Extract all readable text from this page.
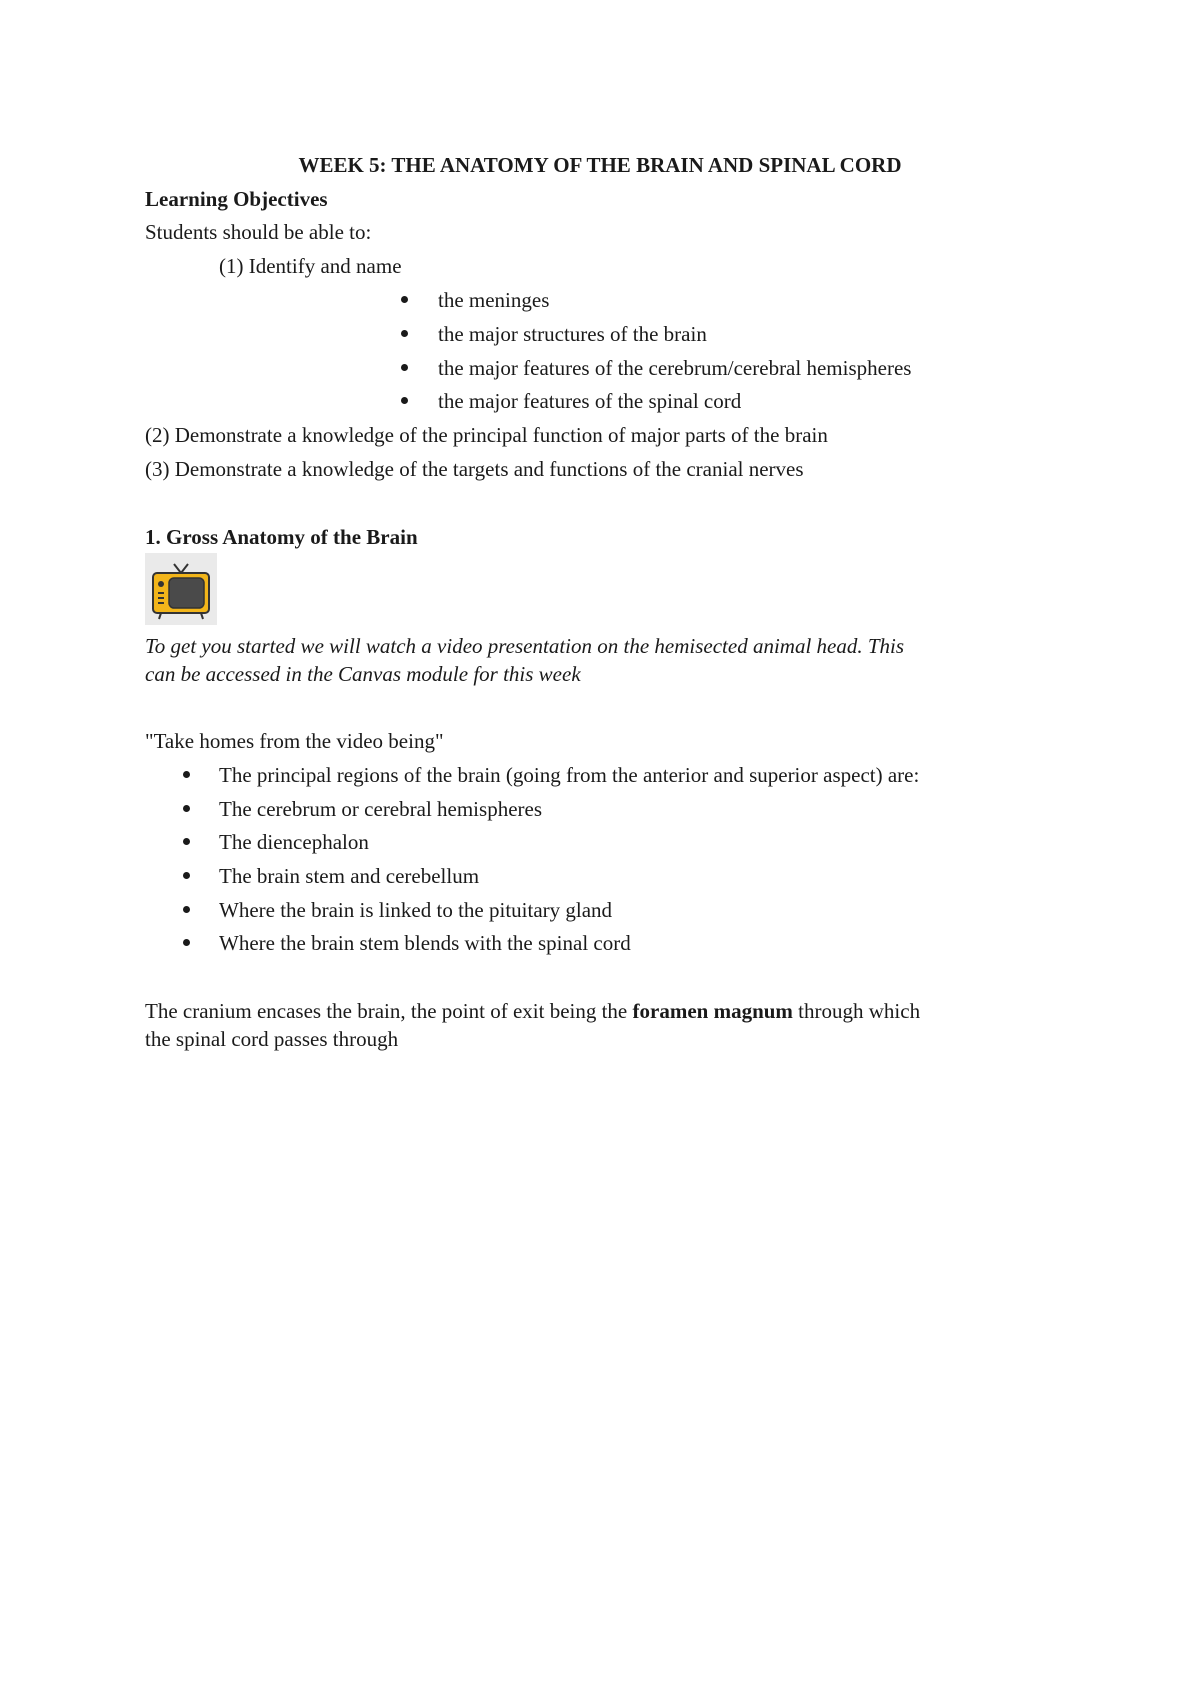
WEEK 5: THE ANATOMY OF THE BRAIN AND SPINAL CORD
Learning Objectives
Students should be able to:
(1) Identify and name
the meninges
the major structures of the brain
the major features of the cerebrum/cerebral hemispheres
the major features of the spinal cord
(2) Demonstrate a knowledge of the principal function of major parts of the brain
(3) Demonstrate a knowledge of the targets and functions of the cranial nerves
1. Gross Anatomy of the Brain
To get you started we will watch a video presentation on the hemisected animal head. This
can be accessed in the Canvas module for this week
"Take homes from the video being"
The principal regions of the brain (going from the anterior and superior aspect) are:
The cerebrum or cerebral hemispheres
The diencephalon
The brain stem and cerebellum
Where the brain is linked to the pituitary gland
Where the brain stem blends with the spinal cord
The cranium encases the brain, the point of exit being the foramen magnum through which
the spinal cord passes through
